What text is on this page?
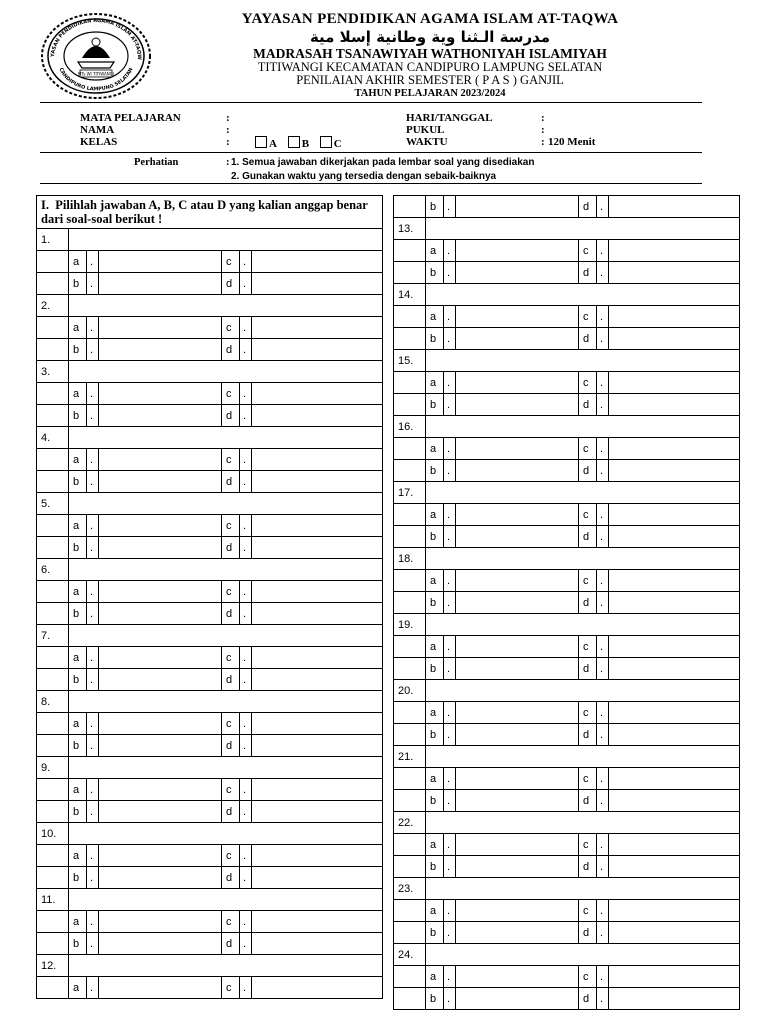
YASAN PENDIDIKAN AGAMA ISLAM AT-TAQW
CANDIPURO LAMPUNG SELATAN
MTs WI TITIWANGI
YAYASAN PENDIDIKAN AGAMA ISLAM AT-TAQWA
مدرسة الـثنا وية وطانية إسلا مية
MADRASAH TSANAWIYAH WATHONIYAH ISLAMIYAH
TITIWANGI KECAMATAN CANDIPURO LAMPUNG SELATAN
PENILAIAN AKHIR SEMESTER ( P A S ) GANJIL
TAHUN PELAJARAN 2023/2024
MATA PELAJARAN	:
NAMA	:
KELAS	:	A B C
HARI/TANGGAL	:
PUKUL	:
WAKTU	: 120 Menit
Perhatian	: 1. Semua jawaban dikerjakan pada lembar soal yang disediakan
2. Gunakan waktu yang tersedia dengan sebaik-baiknya
I. Pilihlah jawaban A, B, C atau D yang kalian anggap benar dari soal-soal berikut !						
1.						
	a	.		c	.	
	b	.		d	.	
2.						
	a	.		c	.	
	b	.		d	.	
3.						
	a	.		c	.	
	b	.		d	.	
4.						
	a	.		c	.	
	b	.		d	.	
5.						
	a	.		c	.	
	b	.		d	.	
6.						
	a	.		c	.	
	b	.		d	.	
7.						
	a	.		c	.	
	b	.		d	.	
8.						
	a	.		c	.	
	b	.		d	.	
9.						
	a	.		c	.	
	b	.		d	.	
10.						
	a	.		c	.	
	b	.		d	.	
11.						
	a	.		c	.	
	b	.		d	.	
12.						
	a	.		c	.	
	b	.		d	.	
13.						
	a	.		c	.	
	b	.		d	.	
14.						
	a	.		c	.	
	b	.		d	.	
15.						
	a	.		c	.	
	b	.		d	.	
16.						
	a	.		c	.	
	b	.		d	.	
17.						
	a	.		c	.	
	b	.		d	.	
18.						
	a	.		c	.	
	b	.		d	.	
19.						
	a	.		c	.	
	b	.		d	.	
20.						
	a	.		c	.	
	b	.		d	.	
21.						
	a	.		c	.	
	b	.		d	.	
22.						
	a	.		c	.	
	b	.		d	.	
23.						
	a	.		c	.	
	b	.		d	.	
24.						
	a	.		c	.	
	b	.		d	.	
